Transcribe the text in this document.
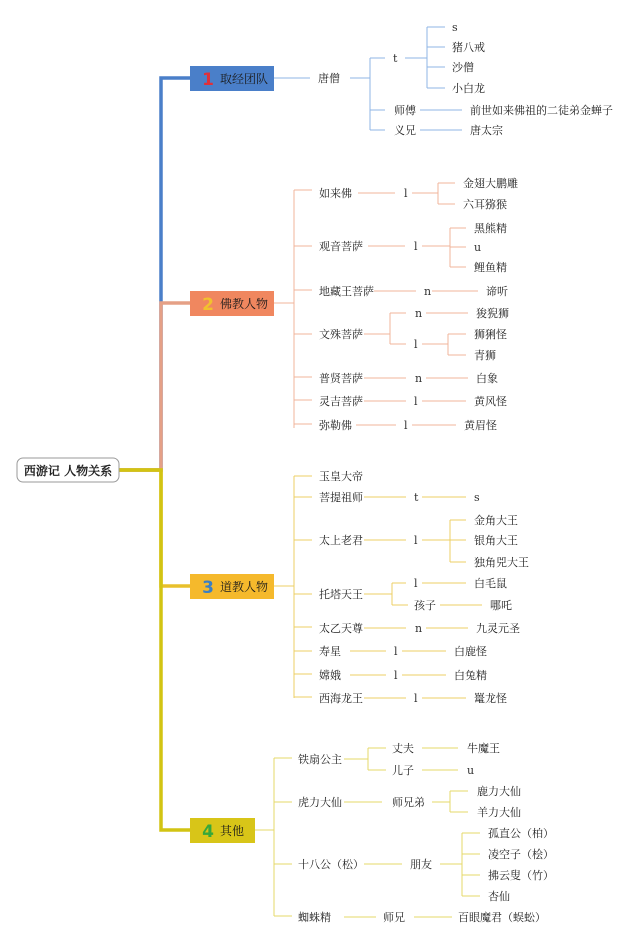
西游记 人物关系
1 取经团队	唐僧
t
s
猪八戒
沙僧
小白龙
师傅	前世如来佛祖的二徒弟金蝉子
义兄	唐太宗
2 佛教人物
如来佛	l
金翅大鹏雕
六耳猕猴
观音菩萨	l
黑熊精
u
鲤鱼精
地藏王菩萨	n	谛听
文殊菩萨
n	狻猊狮
l
狮猁怪
青狮
普贤菩萨	n	白象
灵吉菩萨	l	黄风怪
弥勒佛	l	黄眉怪
3 道教人物
玉皇大帝
菩提祖师	t	s
太上老君	l
金角大王
银角大王
独角兕大王
托塔天王
l	白毛鼠
孩子	哪吒
太乙天尊	n	九灵元圣
寿星	l	白鹿怪
嫦娥	l	白兔精
西海龙王	l	鼍龙怪
4 其他
铁扇公主
丈夫	牛魔王
儿子	u
虎力大仙	师兄弟
鹿力大仙
羊力大仙
十八公（松）	朋友
孤直公（柏）
凌空子（桧）
拂云叟（竹）
杏仙
蜘蛛精	师兄	百眼魔君（蜈蚣）
